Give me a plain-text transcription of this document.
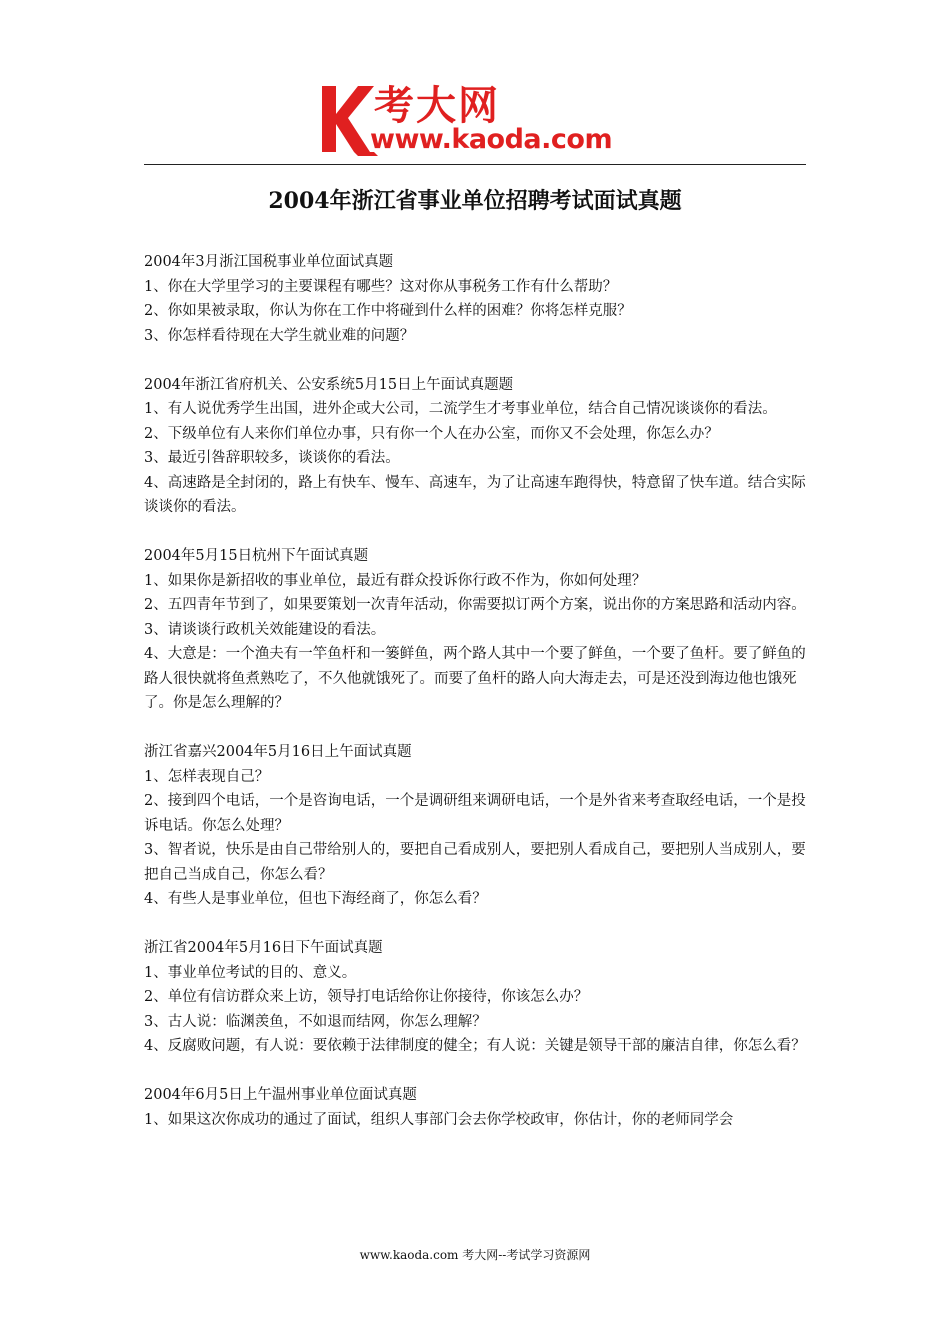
考大网
www.kaoda.com
2004年浙江省事业单位招聘考试面试真题

2004年3月浙江国税事业单位面试真题

1、你在大学里学习的主要课程有哪些？这对你从事税务工作有什么帮助？

2、你如果被录取，你认为你在工作中将碰到什么样的困难？你将怎样克服？

3、你怎样看待现在大学生就业难的问题？

2004年浙江省府机关、公安系统5月15日上午面试真题题

1、有人说优秀学生出国，进外企或大公司，二流学生才考事业单位，结合自己情况谈谈你的看法。

2、下级单位有人来你们单位办事，只有你一个人在办公室，而你又不会处理，你怎么办？

3、最近引咎辞职较多，谈谈你的看法。

4、高速路是全封闭的，路上有快车、慢车、高速车，为了让高速车跑得快，特意留了快车道。结合实际谈谈你的看法。

2004年5月15日杭州下午面试真题

1、如果你是新招收的事业单位，最近有群众投诉你行政不作为，你如何处理？

2、五四青年节到了，如果要策划一次青年活动，你需要拟订两个方案，说出你的方案思路和活动内容。

3、请谈谈行政机关效能建设的看法。

4、大意是：一个渔夫有一竿鱼杆和一篓鲜鱼，两个路人其中一个要了鲜鱼，一个要了鱼杆。要了鲜鱼的路人很快就将鱼煮熟吃了，不久他就饿死了。而要了鱼杆的路人向大海走去，可是还没到海边他也饿死了。你是怎么理解的？

浙江省嘉兴2004年5月16日上午面试真题

1、怎样表现自己？

2、接到四个电话，一个是咨询电话，一个是调研组来调研电话，一个是外省来考查取经电话，一个是投诉电话。你怎么处理？

3、智者说，快乐是由自己带给别人的，要把自己看成别人，要把别人看成自己，要把别人当成别人，要把自己当成自己，你怎么看？

4、有些人是事业单位，但也下海经商了，你怎么看？

浙江省2004年5月16日下午面试真题

1、事业单位考试的目的、意义。

2、单位有信访群众来上访，领导打电话给你让你接待，你该怎么办？

3、古人说：临渊羡鱼，不如退而结网，你怎么理解？

4、反腐败问题，有人说：要依赖于法律制度的健全；有人说：关键是领导干部的廉洁自律，你怎么看？

2004年6月5日上午温州事业单位面试真题

1、如果这次你成功的通过了面试，组织人事部门会去你学校政审，你估计，你的老师同学会

www.kaoda.com 考大网--考试学习资源网
